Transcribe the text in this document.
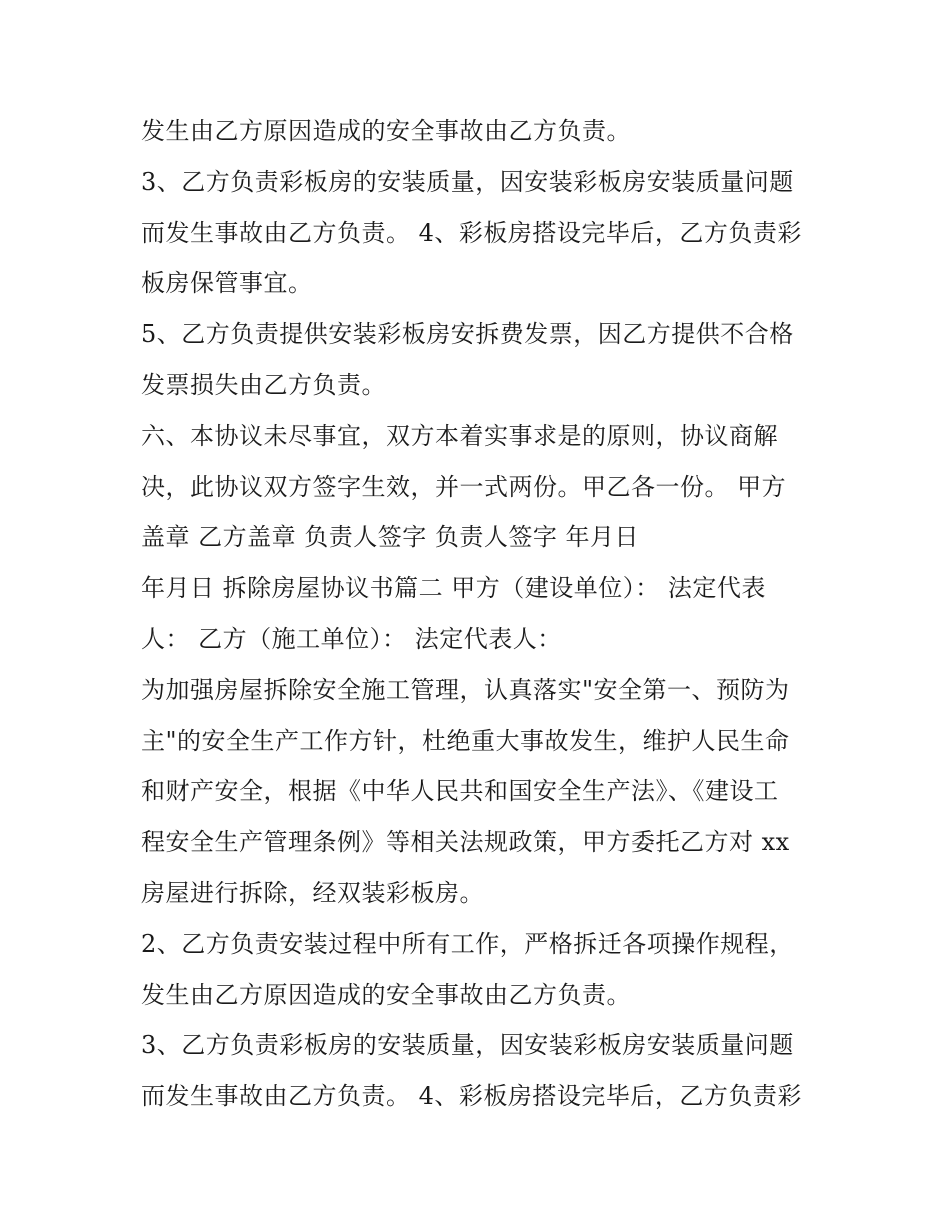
发生由乙方原因造成的安全事故由乙方负责。
3、乙方负责彩板房的安装质量，因安装彩板房安装质量问题
而发生事故由乙方负责。 4、彩板房搭设完毕后，乙方负责彩
板房保管事宜。
5、乙方负责提供安装彩板房安拆费发票，因乙方提供不合格
发票损失由乙方负责。
六、本协议未尽事宜，双方本着实事求是的原则，协议商解
决，此协议双方签字生效，并一式两份。甲乙各一份。 甲方
盖章 乙方盖章 负责人签字 负责人签字 年月日
年月日 拆除房屋协议书篇二 甲方（建设单位）： 法定代表
人： 乙方（施工单位）： 法定代表人：
为加强房屋拆除安全施工管理，认真落实"安全第一、预防为
主"的安全生产工作方针，杜绝重大事故发生，维护人民生命
和财产安全，根据《中华人民共和国安全生产法》、《建设工
程安全生产管理条例》等相关法规政策，甲方委托乙方对 xx
房屋进行拆除，经双装彩板房。
2、乙方负责安装过程中所有工作，严格拆迁各项操作规程，
发生由乙方原因造成的安全事故由乙方负责。
3、乙方负责彩板房的安装质量，因安装彩板房安装质量问题
而发生事故由乙方负责。 4、彩板房搭设完毕后，乙方负责彩
